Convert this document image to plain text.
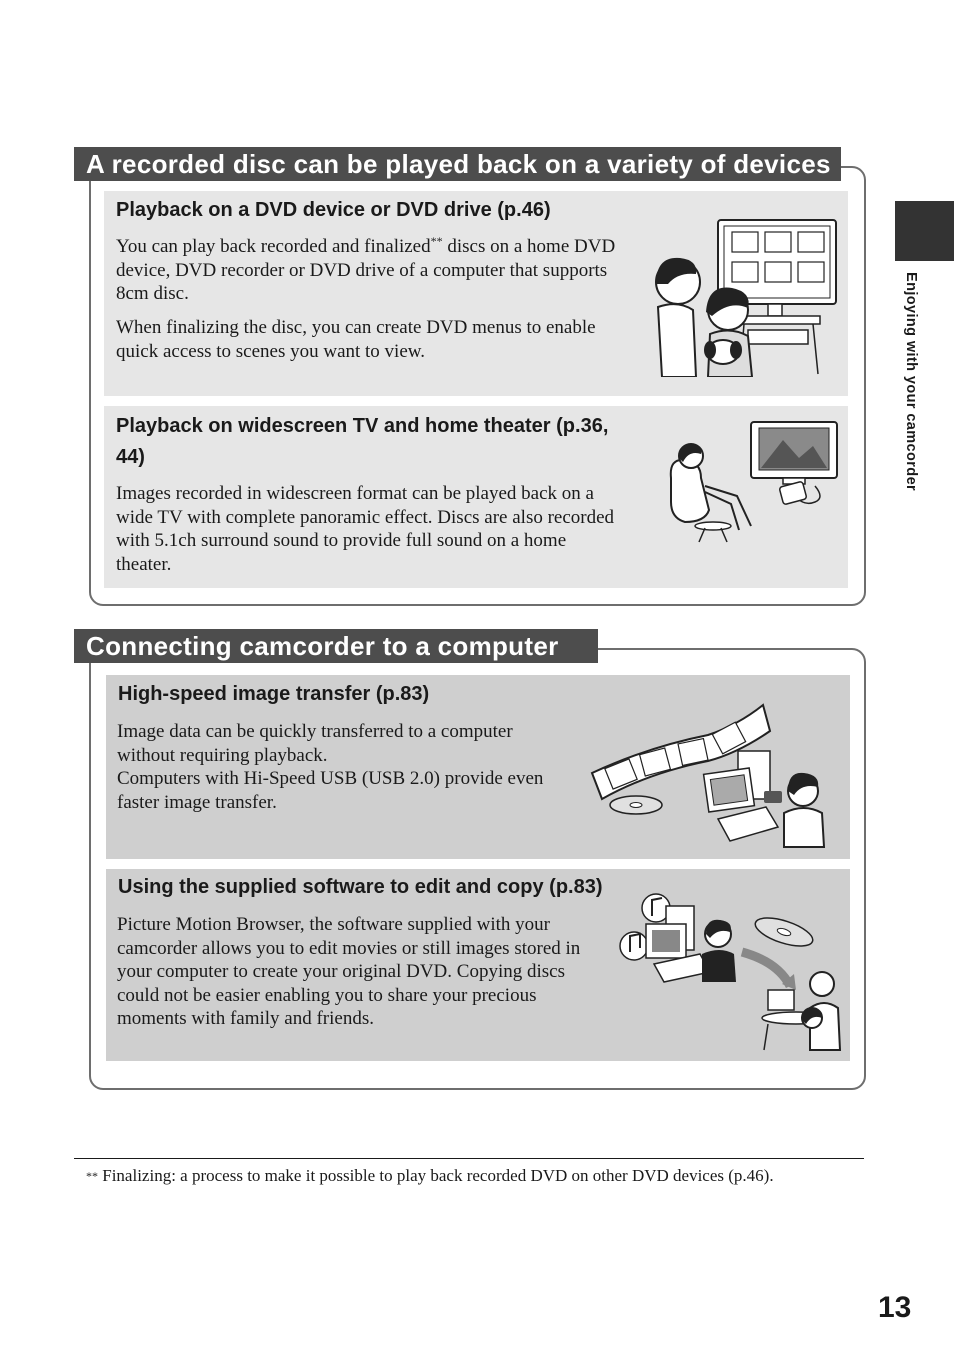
Enjoying with your camcorder
A recorded disc can be played back on a variety of devices
Playback on a DVD device or DVD drive (p.46)

You can play back recorded and finalized** discs on a home DVD device, DVD recorder or DVD drive of a computer that supports 8cm disc.

When finalizing the disc, you can create DVD menus to enable quick access to scenes you want to view.

Playback on widescreen TV and home theater (p.36,
44)

Images recorded in widescreen format can be played back on a wide TV with complete panoramic effect. Discs are also recorded with 5.1ch surround sound to provide full sound on a home theater.

Connecting camcorder to a computer
High-speed image transfer (p.83)

Image data can be quickly transferred to a computer without requiring playback.

Computers with Hi-Speed USB (USB 2.0) provide even faster image transfer.

Using the supplied software to edit and copy (p.83)

Picture Motion Browser, the software supplied with your camcorder allows you to edit movies or still images stored in your computer to create your original DVD. Copying discs could not be easier enabling you to share your precious moments with family and friends.

** Finalizing: a process to make it possible to play back recorded DVD on other DVD devices (p.46).
13
